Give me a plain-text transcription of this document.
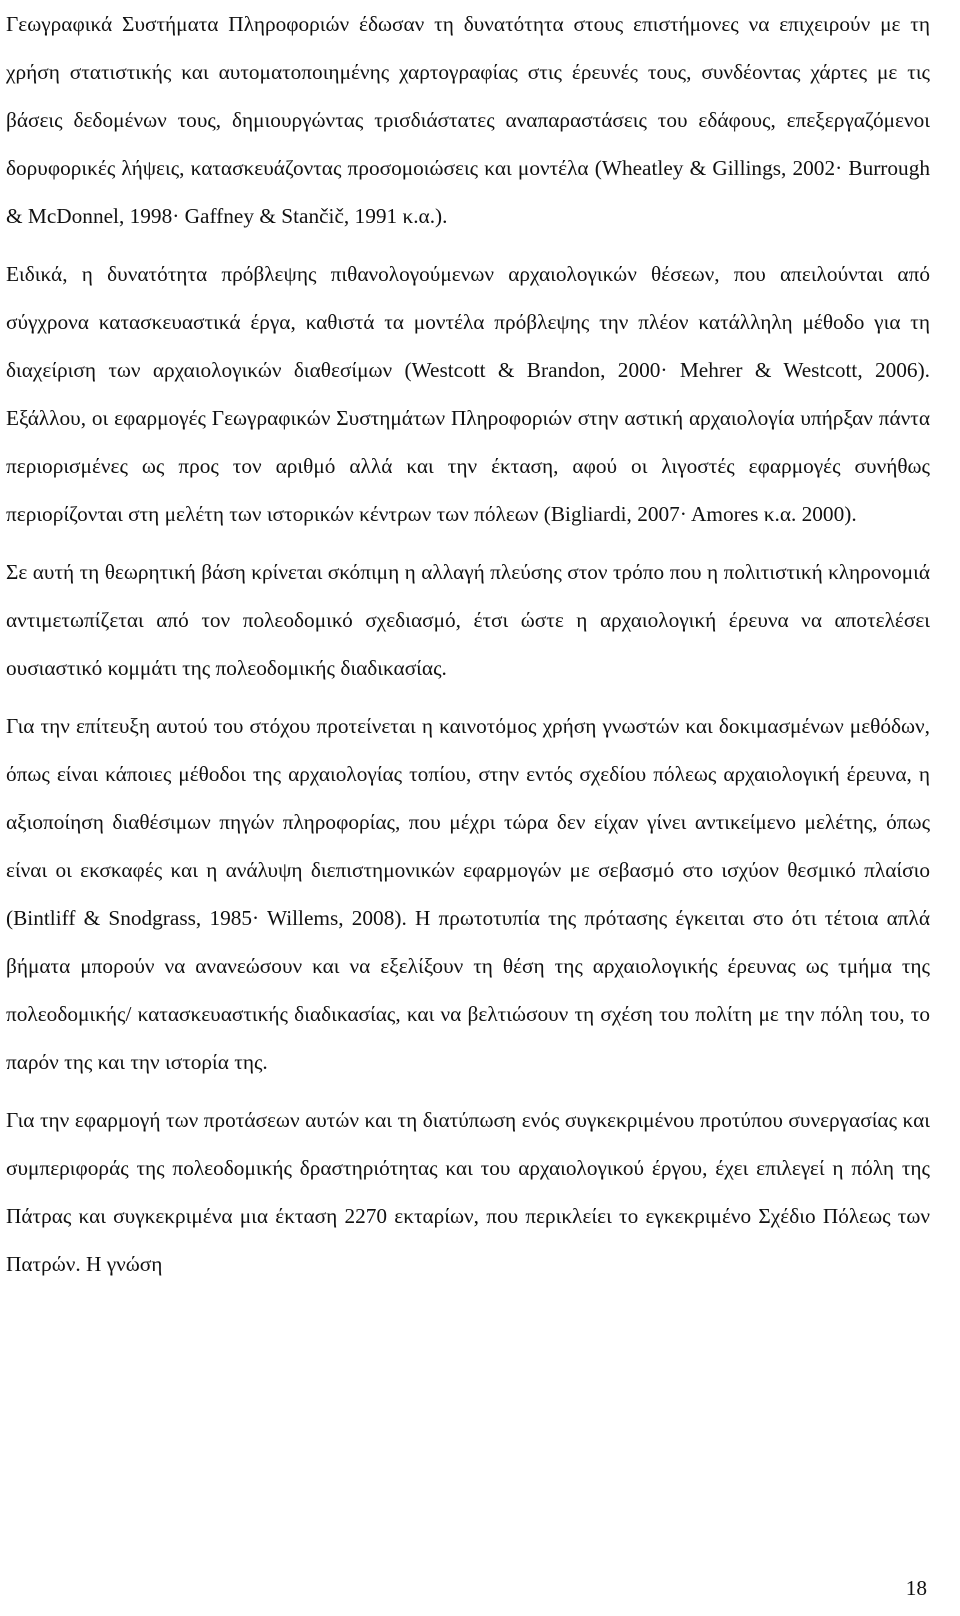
Γεωγραφικά Συστήματα Πληροφοριών έδωσαν τη δυνατότητα στους επιστήμονες να επιχειρούν με τη χρήση στατιστικής και αυτοματοποιημένης χαρτογραφίας στις έρευνές τους, συνδέοντας χάρτες με τις βάσεις δεδομένων τους, δημιουργώντας τρισδιάστατες αναπαραστάσεις του εδάφους, επεξεργαζόμενοι δορυφορικές λήψεις, κατασκευάζοντας προσομοιώσεις και μοντέλα (Wheatley & Gillings, 2002· Burrough & McDonnel, 1998· Gaffney & Stančič, 1991 κ.α.).

Ειδικά, η δυνατότητα πρόβλεψης πιθανολογούμενων αρχαιολογικών θέσεων, που απειλούνται από σύγχρονα κατασκευαστικά έργα, καθιστά τα μοντέλα πρόβλεψης την πλέον κατάλληλη μέθοδο για τη διαχείριση των αρχαιολογικών διαθεσίμων (Westcott & Brandon, 2000· Mehrer & Westcott, 2006). Εξάλλου, οι εφαρμογές Γεωγραφικών Συστημάτων Πληροφοριών στην αστική αρχαιολογία υπήρξαν πάντα περιορισμένες ως προς τον αριθμό αλλά και την έκταση, αφού οι λιγοστές εφαρμογές συνήθως περιορίζονται στη μελέτη των ιστορικών κέντρων των πόλεων (Bigliardi, 2007· Amores κ.α. 2000).

Σε αυτή τη θεωρητική βάση κρίνεται σκόπιμη η αλλαγή πλεύσης στον τρόπο που η πολιτιστική κληρονομιά αντιμετωπίζεται από τον πολεοδομικό σχεδιασμό, έτσι ώστε η αρχαιολογική έρευνα να αποτελέσει ουσιαστικό κομμάτι της πολεοδομικής διαδικασίας.

Για την επίτευξη αυτού του στόχου προτείνεται η καινοτόμος χρήση γνωστών και δοκιμασμένων μεθόδων, όπως είναι κάποιες μέθοδοι της αρχαιολογίας τοπίου, στην εντός σχεδίου πόλεως αρχαιολογική έρευνα, η αξιοποίηση διαθέσιμων πηγών πληροφορίας, που μέχρι τώρα δεν είχαν γίνει αντικείμενο μελέτης, όπως είναι οι εκσκαφές και η ανάλυψη διεπιστημονικών εφαρμογών με σεβασμό στο ισχύον θεσμικό πλαίσιο (Bintliff & Snodgrass, 1985· Willems, 2008). Η πρωτοτυπία της πρότασης έγκειται στο ότι τέτοια απλά βήματα μπορούν να ανανεώσουν και να εξελίξουν τη θέση της αρχαιολογικής έρευνας ως τμήμα της πολεοδομικής/ κατασκευαστικής διαδικασίας, και να βελτιώσουν τη σχέση του πολίτη με την πόλη του, το παρόν της και την ιστορία της.

Για την εφαρμογή των προτάσεων αυτών και τη διατύπωση ενός συγκεκριμένου προτύπου συνεργασίας και συμπεριφοράς της πολεοδομικής δραστηριότητας και του αρχαιολογικού έργου, έχει επιλεγεί η πόλη της Πάτρας και συγκεκριμένα μια έκταση 2270 εκταρίων, που περικλείει το εγκεκριμένο Σχέδιο Πόλεως των Πατρών. Η γνώση

18
